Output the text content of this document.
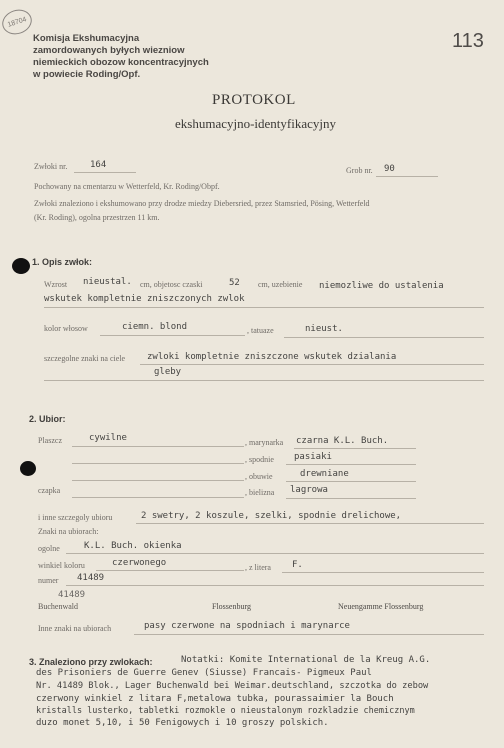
18704
Komisja Ekshumacyjna
zamordowanych byłych wiezniow
niemieckich obozow koncentracyjnych
w powiecie Roding/Opf.
113
PROTOKOL
ekshumacyjno-identyfikacyjny
Zwłoki nr.	164
Grob nr. 90
Pochowany na cmentarzu w Wetterfeld, Kr. Roding/Obpf.
Zwłoki znaleziono i ekshumowano przy drodze miedzy Diebersried, przez Stamsried, Pösing, Wetterfeld
(Kr. Roding), ogolna przestrzen 11 km.
1. Opis zwłok:
Wzrost nieustal. cm, objetosc czaski	52 cm, uzebienie niemozliwe do ustalenia
wskutek kompletnie zniszczonych zwlok
kolor włosow	ciemn. blond	, tatuaze	nieust.
szczegolne znaki na ciele zwloki kompletnie zniszczone wskutek dzialania
gleby
2. Ubior:
Plaszcz	cywilne	, marynarka czarna K.L. Buch.
, spodnie pasiaki
, obuwie	drewniane
czapka	, bielizna lagrowa
i inne szczegoly ubioru	2 swetry, 2 koszule, szelki, spodnie drelichowe,
Znaki na ubiorach:
ogolne	K.L. Buch. okienka
winkiel koloru	czerwonego	, z litera F.
numer 41489
41489
Buchenwald	Flossenburg	Neuengamme Flossenburg
Inne znaki na ubiorach	pasy czerwone na spodniach i marynarce
3. Znaleziono przy zwlokach:	Notatki: Komite International de la Kreug A.G.
des Prisoniers de Guerre Genev (Siusse) Francais- Pigmeux Paul
Nr. 41489 Blok., Lager Buchenwald bei Weimar.deutschland, szczotka do zebow
czerwony winkiel z litara F,metalowa tubka, pourassaimier la Bouch
kristalls lusterko, tabletki rozmokle o nieustalonym rozkladzie chemicznym
duzo monet 5,10, i 50 Fenigowych i 10 groszy polskich.
